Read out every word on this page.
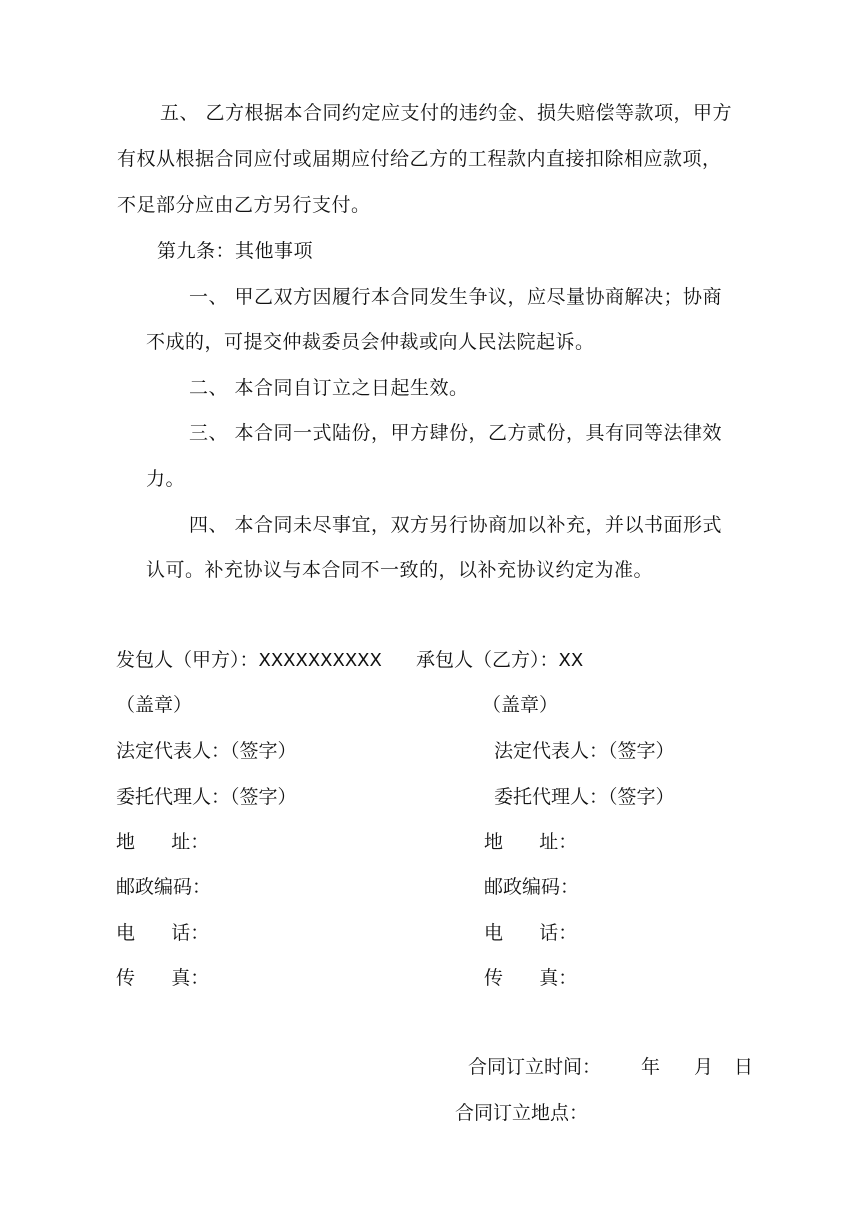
五、 乙方根据本合同约定应支付的违约金、损失赔偿等款项，甲方
有权从根据合同应付或届期应付给乙方的工程款内直接扣除相应款项，
不足部分应由乙方另行支付。
第九条：其他事项
一、 甲乙双方因履行本合同发生争议，应尽量协商解决；协商
不成的，可提交仲裁委员会仲裁或向人民法院起诉。
二、 本合同自订立之日起生效。
三、 本合同一式陆份，甲方肆份，乙方贰份，具有同等法律效
力。
四、 本合同未尽事宜，双方另行协商加以补充，并以书面形式
认可。补充协议与本合同不一致的，以补充协议约定为准。
发包人（甲方）：XXXXXXXXXX
（盖章）
法定代表人：（签字）
委托代理人：（签字）
地      址：
邮政编码：
电      话：
传      真：
承包人（乙方）：XX
（盖章）
法定代表人：（签字）
委托代理人：（签字）
地      址：
邮政编码：
电      话：
传      真：
合同订立时间： 年 月 日
合同订立地点：
